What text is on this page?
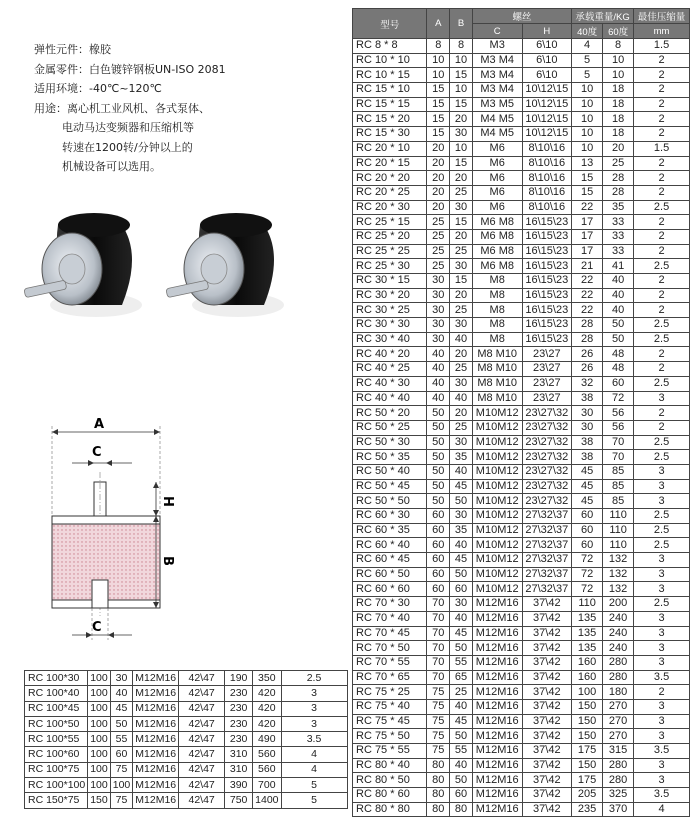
弹性元件：橡胶
金属零件：白色镀锌钢板UN-ISO 2081
适用环境：-40℃~120℃
用途：离心机工业风机、各式泵体、
电动马达变频器和压缩机等
转速在1200转/分钟以上的
机械设备可以选用。
A
C
H
B
C
型号	A	B	螺丝		承载重量/KG		最佳压缩量
			C	H	40度	60度	mm
RC 8 * 8	8	8	M3	6\10	4	8	1.5
RC 10 * 10	10	10	M3 M4	6\10	5	10	2
RC 10 * 15	10	15	M3 M4	6\10	5	10	2
RC 15 * 10	15	10	M3 M4	10\12\15	10	18	2
RC 15 * 15	15	15	M3 M5	10\12\15	10	18	2
RC 15 * 20	15	20	M4 M5	10\12\15	10	18	2
RC 15 * 30	15	30	M4 M5	10\12\15	10	18	2
RC 20 * 10	20	10	M6	8\10\16	10	20	1.5
RC 20 * 15	20	15	M6	8\10\16	13	25	2
RC 20 * 20	20	20	M6	8\10\16	15	28	2
RC 20 * 25	20	25	M6	8\10\16	15	28	2
RC 20 * 30	20	30	M6	8\10\16	22	35	2.5
RC 25 * 15	25	15	M6 M8	16\15\23	17	33	2
RC 25 * 20	25	20	M6 M8	16\15\23	17	33	2
RC 25 * 25	25	25	M6 M8	16\15\23	17	33	2
RC 25 * 30	25	30	M6 M8	16\15\23	21	41	2.5
RC 30 * 15	30	15	M8	16\15\23	22	40	2
RC 30 * 20	30	20	M8	16\15\23	22	40	2
RC 30 * 25	30	25	M8	16\15\23	22	40	2
RC 30 * 30	30	30	M8	16\15\23	28	50	2.5
RC 30 * 40	30	40	M8	16\15\23	28	50	2.5
RC 40 * 20	40	20	M8 M10	23\27	26	48	2
RC 40 * 25	40	25	M8 M10	23\27	26	48	2
RC 40 * 30	40	30	M8 M10	23\27	32	60	2.5
RC 40 * 40	40	40	M8 M10	23\27	38	72	3
RC 50 * 20	50	20	M10M12	23\27\32	30	56	2
RC 50 * 25	50	25	M10M12	23\27\32	30	56	2
RC 50 * 30	50	30	M10M12	23\27\32	38	70	2.5
RC 50 * 35	50	35	M10M12	23\27\32	38	70	2.5
RC 50 * 40	50	40	M10M12	23\27\32	45	85	3
RC 50 * 45	50	45	M10M12	23\27\32	45	85	3
RC 50 * 50	50	50	M10M12	23\27\32	45	85	3
RC 60 * 30	60	30	M10M12	27\32\37	60	110	2.5
RC 60 * 35	60	35	M10M12	27\32\37	60	110	2.5
RC 60 * 40	60	40	M10M12	27\32\37	60	110	2.5
RC 60 * 45	60	45	M10M12	27\32\37	72	132	3
RC 60 * 50	60	50	M10M12	27\32\37	72	132	3
RC 60 * 60	60	60	M10M12	27\32\37	72	132	3
RC 70 * 30	70	30	M12M16	37\42	110	200	2.5
RC 70 * 40	70	40	M12M16	37\42	135	240	3
RC 70 * 45	70	45	M12M16	37\42	135	240	3
RC 70 * 50	70	50	M12M16	37\42	135	240	3
RC 70 * 55	70	55	M12M16	37\42	160	280	3
RC 70 * 65	70	65	M12M16	37\42	160	280	3.5
RC 75 * 25	75	25	M12M16	37\42	100	180	2
RC 75 * 40	75	40	M12M16	37\42	150	270	3
RC 75 * 45	75	45	M12M16	37\42	150	270	3
RC 75 * 50	75	50	M12M16	37\42	150	270	3
RC 75 * 55	75	55	M12M16	37\42	175	315	3.5
RC 80 * 40	80	40	M12M16	37\42	150	280	3
RC 80 * 50	80	50	M12M16	37\42	175	280	3
RC 80 * 60	80	60	M12M16	37\42	205	325	3.5
RC 80 * 80	80	80	M12M16	37\42	235	370	4
RC 100*30	100	30	M12M16	42\47	190	350	2.5
RC 100*40	100	40	M12M16	42\47	230	420	3
RC 100*45	100	45	M12M16	42\47	230	420	3
RC 100*50	100	50	M12M16	42\47	230	420	3
RC 100*55	100	55	M12M16	42\47	230	490	3.5
RC 100*60	100	60	M12M16	42\47	310	560	4
RC 100*75	100	75	M12M16	42\47	310	560	4
RC 100*100	100	100	M12M16	42\47	390	700	5
RC 150*75	150	75	M12M16	42\47	750	1400	5
